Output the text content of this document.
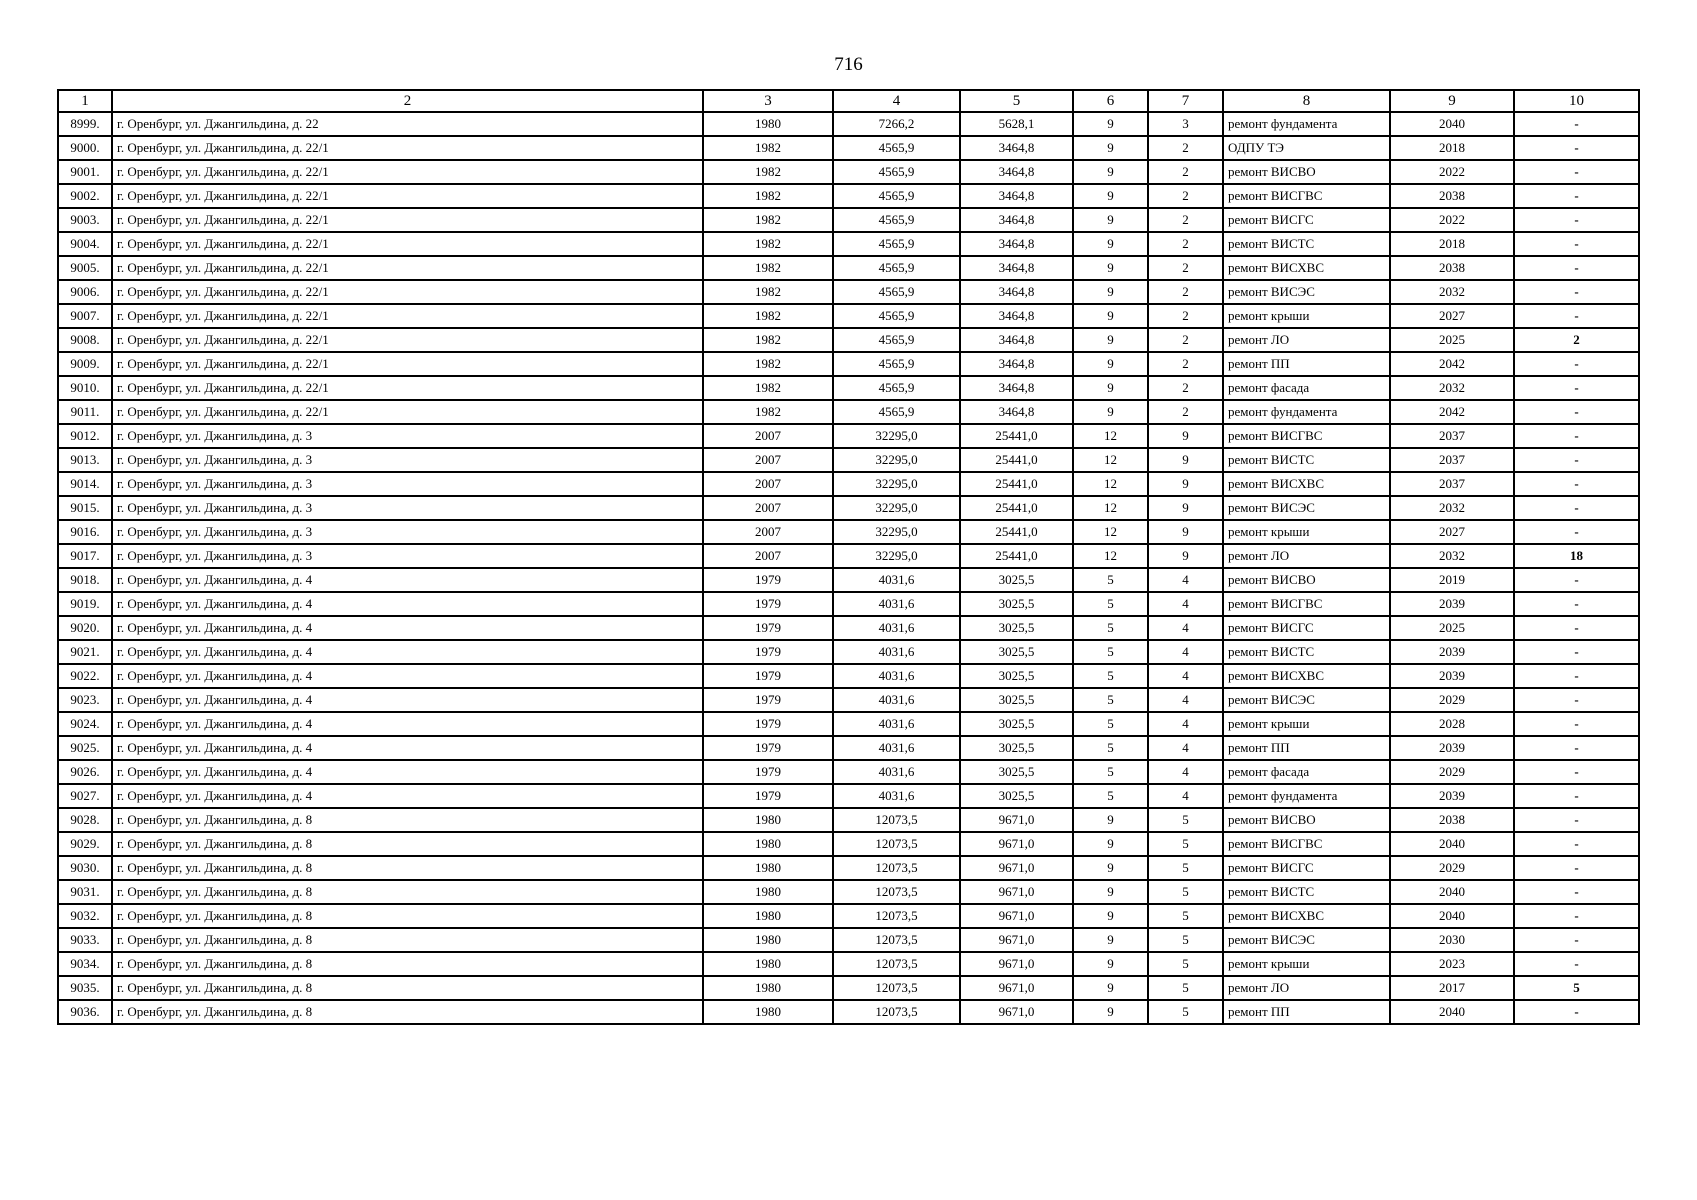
716
1	2	3	4	5	6	7	8	9	10
8999.	г. Оренбург, ул. Джангильдина, д. 22	1980	7266,2	5628,1	9	3	ремонт фундамента	2040	-
9000.	г. Оренбург, ул. Джангильдина, д. 22/1	1982	4565,9	3464,8	9	2	ОДПУ ТЭ	2018	-
9001.	г. Оренбург, ул. Джангильдина, д. 22/1	1982	4565,9	3464,8	9	2	ремонт ВИСВО	2022	-
9002.	г. Оренбург, ул. Джангильдина, д. 22/1	1982	4565,9	3464,8	9	2	ремонт ВИСГВС	2038	-
9003.	г. Оренбург, ул. Джангильдина, д. 22/1	1982	4565,9	3464,8	9	2	ремонт ВИСГС	2022	-
9004.	г. Оренбург, ул. Джангильдина, д. 22/1	1982	4565,9	3464,8	9	2	ремонт ВИСТС	2018	-
9005.	г. Оренбург, ул. Джангильдина, д. 22/1	1982	4565,9	3464,8	9	2	ремонт ВИСХВС	2038	-
9006.	г. Оренбург, ул. Джангильдина, д. 22/1	1982	4565,9	3464,8	9	2	ремонт ВИСЭС	2032	-
9007.	г. Оренбург, ул. Джангильдина, д. 22/1	1982	4565,9	3464,8	9	2	ремонт крыши	2027	-
9008.	г. Оренбург, ул. Джангильдина, д. 22/1	1982	4565,9	3464,8	9	2	ремонт ЛО	2025	2
9009.	г. Оренбург, ул. Джангильдина, д. 22/1	1982	4565,9	3464,8	9	2	ремонт ПП	2042	-
9010.	г. Оренбург, ул. Джангильдина, д. 22/1	1982	4565,9	3464,8	9	2	ремонт фасада	2032	-
9011.	г. Оренбург, ул. Джангильдина, д. 22/1	1982	4565,9	3464,8	9	2	ремонт фундамента	2042	-
9012.	г. Оренбург, ул. Джангильдина, д. 3	2007	32295,0	25441,0	12	9	ремонт ВИСГВС	2037	-
9013.	г. Оренбург, ул. Джангильдина, д. 3	2007	32295,0	25441,0	12	9	ремонт ВИСТС	2037	-
9014.	г. Оренбург, ул. Джангильдина, д. 3	2007	32295,0	25441,0	12	9	ремонт ВИСХВС	2037	-
9015.	г. Оренбург, ул. Джангильдина, д. 3	2007	32295,0	25441,0	12	9	ремонт ВИСЭС	2032	-
9016.	г. Оренбург, ул. Джангильдина, д. 3	2007	32295,0	25441,0	12	9	ремонт крыши	2027	-
9017.	г. Оренбург, ул. Джангильдина, д. 3	2007	32295,0	25441,0	12	9	ремонт ЛО	2032	18
9018.	г. Оренбург, ул. Джангильдина, д. 4	1979	4031,6	3025,5	5	4	ремонт ВИСВО	2019	-
9019.	г. Оренбург, ул. Джангильдина, д. 4	1979	4031,6	3025,5	5	4	ремонт ВИСГВС	2039	-
9020.	г. Оренбург, ул. Джангильдина, д. 4	1979	4031,6	3025,5	5	4	ремонт ВИСГС	2025	-
9021.	г. Оренбург, ул. Джангильдина, д. 4	1979	4031,6	3025,5	5	4	ремонт ВИСТС	2039	-
9022.	г. Оренбург, ул. Джангильдина, д. 4	1979	4031,6	3025,5	5	4	ремонт ВИСХВС	2039	-
9023.	г. Оренбург, ул. Джангильдина, д. 4	1979	4031,6	3025,5	5	4	ремонт ВИСЭС	2029	-
9024.	г. Оренбург, ул. Джангильдина, д. 4	1979	4031,6	3025,5	5	4	ремонт крыши	2028	-
9025.	г. Оренбург, ул. Джангильдина, д. 4	1979	4031,6	3025,5	5	4	ремонт ПП	2039	-
9026.	г. Оренбург, ул. Джангильдина, д. 4	1979	4031,6	3025,5	5	4	ремонт фасада	2029	-
9027.	г. Оренбург, ул. Джангильдина, д. 4	1979	4031,6	3025,5	5	4	ремонт фундамента	2039	-
9028.	г. Оренбург, ул. Джангильдина, д. 8	1980	12073,5	9671,0	9	5	ремонт ВИСВО	2038	-
9029.	г. Оренбург, ул. Джангильдина, д. 8	1980	12073,5	9671,0	9	5	ремонт ВИСГВС	2040	-
9030.	г. Оренбург, ул. Джангильдина, д. 8	1980	12073,5	9671,0	9	5	ремонт ВИСГС	2029	-
9031.	г. Оренбург, ул. Джангильдина, д. 8	1980	12073,5	9671,0	9	5	ремонт ВИСТС	2040	-
9032.	г. Оренбург, ул. Джангильдина, д. 8	1980	12073,5	9671,0	9	5	ремонт ВИСХВС	2040	-
9033.	г. Оренбург, ул. Джангильдина, д. 8	1980	12073,5	9671,0	9	5	ремонт ВИСЭС	2030	-
9034.	г. Оренбург, ул. Джангильдина, д. 8	1980	12073,5	9671,0	9	5	ремонт крыши	2023	-
9035.	г. Оренбург, ул. Джангильдина, д. 8	1980	12073,5	9671,0	9	5	ремонт ЛО	2017	5
9036.	г. Оренбург, ул. Джангильдина, д. 8	1980	12073,5	9671,0	9	5	ремонт ПП	2040	-
